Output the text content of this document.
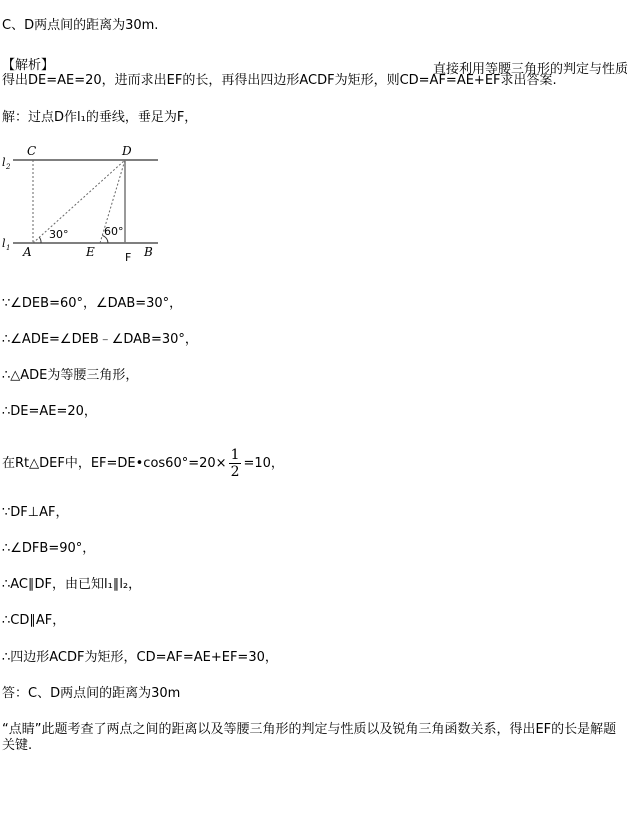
C、D两点间的距离为30m.
【解析】	直接利用等腰三角形的判定与性质
得出DE=AE=20，进而求出EF的长，再得出四边形ACDF为矩形，则CD=AF=AE+EF求出答案.
解：过点D作l₁的垂线，垂足为F，
C	D
l 2
l 1
30°	60°
A	E	B
F
∵∠DEB=60°，∠DAB=30°，
∴∠ADE=∠DEB﹣∠DAB=30°，
∴△ADE为等腰三角形，
∴DE=AE=20，
在Rt△DEF中，EF=DE•cos60°=20× $\frac{1}{2} =10$，
∵DF⊥AF，
∴∠DFB=90°，
∴AC∥DF，由已知l₁∥l₂，
∴CD∥AF，
∴四边形ACDF为矩形，CD=AF=AE+EF=30，
答：C、D两点间的距离为30m
“点睛”此题考查了两点之间的距离以及等腰三角形的判定与性质以及锐角三角函数关系，得出EF的长是解题关键.
